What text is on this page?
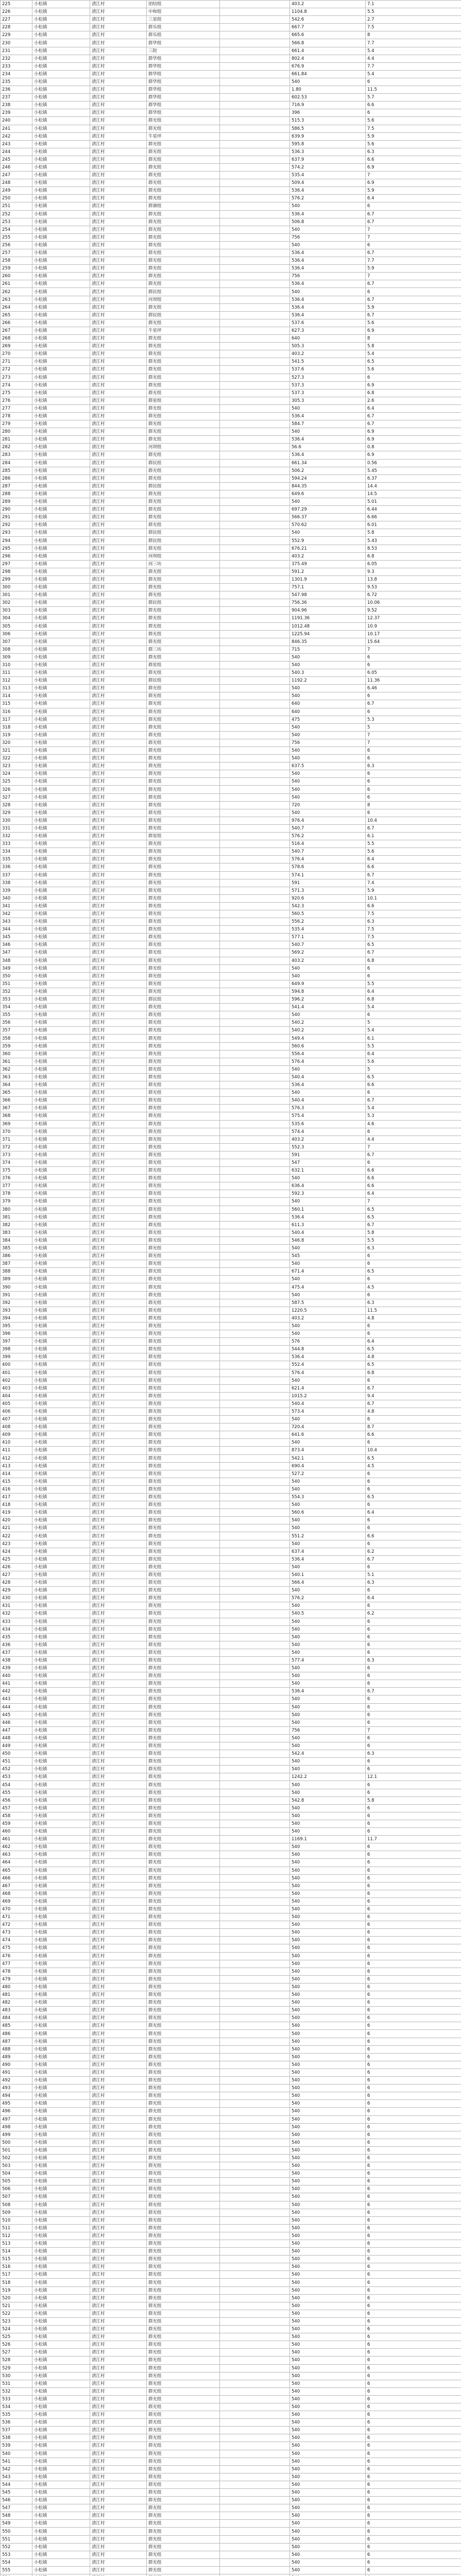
225	小松镇	清江村	团结组		403.2	7.1
226	小松镇	清江村	中和组		1104.8	5.5
227	小松镇	清江村	三星组		542.6	2.7
228	小松镇	清江村	群乐组		667.7	7.5
229	小松镇	清江村	群乐组		665.6	8
230	小松镇	清江村	群华组		566.8	7.7
231	小松镇	清江村	三院		661.4	5.4
232	小松镇	清江村	群华组		802.4	4.4
233	小松镇	清江村	群华组		676.9	7.7
234	小松镇	清江村	群华组		661.84	5.4
235	小松镇	清江村	群华组		540	6
236	小松镇	清江村	群华组		1.80	11.5
237	小松镇	清江村	群华组		602.53	5.7
238	小松镇	清江村	群华组		716.9	6.6
239	小松镇	清江村	群华组		396	6
240	小松镇	清江村	群光组		515.3	5.6
241	小松镇	清江村	群光组		586.5	7.5
242	小松镇	清江村	牛星坪		639.9	5.9
243	小松镇	清江村	群光组		595.8	5.6
244	小松镇	清江村	群光组		536.3	6.3
245	小松镇	清江村	群光组		637.9	6.6
246	小松镇	清江村	群光组		574.2	6.9
247	小松镇	清江村	群光组		535.4	7
248	小松镇	清江村	群光组		509.4	6.9
249	小松镇	清江村	群光组		536.4	5.9
250	小松镇	清江村	群光组		576.2	6.4
251	小松镇	清江村	群旗组		540	6
252	小松镇	清江村	群光组		536.4	6.7
253	小松镇	清江村	群光组		506.8	6.7
254	小松镇	清江村	群光组		540	7
255	小松镇	清江村	群光组		756	7
256	小松镇	清江村	群光组		540	6
257	小松镇	清江村	群光组		536.4	6.7
258	小松镇	清江村	群光组		536.4	7.7
259	小松镇	清江村	群光组		536.4	5.9
260	小松镇	清江村	群光组		756	7
261	小松镇	清江村	群光组		536.4	6.7
262	小松镇	清江村	群民组		540	6
263	小松镇	清江村	河坝组		536.4	6.7
264	小松镇	清江村	群光组		536.4	5.9
265	小松镇	清江村	群民组		536.4	6.7
266	小松镇	清江村	群光组		537.6	5.6
267	小松镇	清江村	牛星坪		627.3	6.9
268	小松镇	清江村	群光组		640	8
269	小松镇	清江村	群光组		505.3	5.8
270	小松镇	清江村	群光组		403.2	5.4
271	小松镇	清江村	群光组		541.5	6.5
272	小松镇	清江村	群光组		537.6	5.6
273	小松镇	清江村	群光组		527.3	6
274	小松镇	清江村	群光组		537.3	6.9
275	小松镇	清江村	群光组		537.3	6.8
276	小松镇	清江村	群星组		305.3	2.6
277	小松镇	清江村	群光组		540	6.4
278	小松镇	清江村	群光组		536.4	6.7
279	小松镇	清江村	群光组		584.7	6.7
280	小松镇	清江村	群光组		540	6.9
281	小松镇	清江村	群光组		536.4	6.9
282	小松镇	清江村	河坝组		56.6	0.8
283	小松镇	清江村	群光组		536.4	6.9
284	小松镇	清江村	群民组		661.34	0.56
285	小松镇	清江村	群光组		506.2	5.45
286	小松镇	清江村	群光组		594.24	6.37
287	小松镇	清江村	群民组		844.35	14.4
288	小松镇	清江村	群光组		649.6	14.5
289	小松镇	清江村	群光组		540	5.01
290	小松镇	清江村	群光组		697.29	6.44
291	小松镇	清江村	群光组		566.37	6.66
292	小松镇	清江村	群光组		570.62	6.01
293	小松镇	清江村	群民组		540	5.8
294	小松镇	清江村	群民组		552.9	5.43
295	小松镇	清江村	群光组		676.21	8.53
296	小松镇	清江村	河坝组		403.2	6.8
297	小松镇	清江村	河三坊		375.49	6.05
298	小松镇	清江村	群光组		591.2	9.3
299	小松镇	清江村	群光组		1301.9	13.8
300	小松镇	清江村	群光组		757.1	9.53
301	小松镇	清江村	群光组		547.98	6.72
302	小松镇	清江村	群民组		756.36	10.06
303	小松镇	清江村	群光组		904.96	9.52
304	小松镇	清江村	群光组		1191.36	12.37
305	小松镇	清江村	群光组		1012.48	10.9
306	小松镇	清江村	群光组		1225.94	10.17
307	小松镇	清江村	群光组		846.35	15.64
308	小松镇	清江村	群三坊		715	7
309	小松镇	清江村	群光组		540	6
310	小松镇	清江村	群星组		540	6
311	小松镇	清江村	群光组		540.3	6.05
312	小松镇	清江村	群民组		1192.2	11.36
313	小松镇	清江村	群光组		540	6.46
314	小松镇	清江村	群光组		540	6
315	小松镇	清江村	群光组		640	6.7
316	小松镇	清江村	群光组		640	6
317	小松镇	清江村	群光组		475	5.3
318	小松镇	清江村	群光组		540	5
319	小松镇	清江村	群光组		540	7
320	小松镇	清江村	群光组		756	7
321	小松镇	清江村	群光组		540	6
322	小松镇	清江村	群光组		540	6
323	小松镇	清江村	群光组		637.5	6.3
324	小松镇	清江村	群光组		540	6
325	小松镇	清江村	群光组		540	6
326	小松镇	清江村	群光组		540	6
327	小松镇	清江村	群光组		540	6
328	小松镇	清江村	群光组		720	8
329	小松镇	清江村	群光组		540	6
330	小松镇	清江村	群光组		976.4	10.4
331	小松镇	清江村	群光组		540.7	6.7
332	小松镇	清江村	群星组		576.2	6.1
333	小松镇	清江村	群光组		516.4	5.5
334	小松镇	清江村	群光组		540.7	5.6
335	小松镇	清江村	群光组		576.4	6.4
336	小松镇	清江村	群光组		578.6	6.6
337	小松镇	清江村	群光组		574.1	6.7
338	小松镇	清江村	群光组		591	7.4
339	小松镇	清江村	群光组		571.3	5.9
340	小松镇	清江村	群光组		920.6	10.1
341	小松镇	清江村	群光组		542.3	6.6
342	小松镇	清江村	群光组		560.5	7.5
343	小松镇	清江村	群光组		556.2	6.3
344	小松镇	清江村	群光组		535.4	7.5
345	小松镇	清江村	群光组		577.1	7.5
346	小松镇	清江村	群光组		540.7	6.5
347	小松镇	清江村	群光组		569.2	6.7
348	小松镇	清江村	群光组		403.2	6.8
349	小松镇	清江村	群光组		540	6
350	小松镇	清江村	群光组		540	6
351	小松镇	清江村	群光组		649.9	5.5
352	小松镇	清江村	群光组		594.8	6.4
353	小松镇	清江村	群民组		596.2	6.8
354	小松镇	清江村	群光组		541.4	5.4
355	小松镇	清江村	群光组		540	6
356	小松镇	清江村	群光组		540.2	5
357	小松镇	清江村	群光组		540.2	5.4
358	小松镇	清江村	群光组		549.4	6.1
359	小松镇	清江村	群光组		560.6	5.5
360	小松镇	清江村	群光组		556.4	6.4
361	小松镇	清江村	群光组		576.4	5.6
362	小松镇	清江村	群光组		540	5
363	小松镇	清江村	群光组		540.4	6.5
364	小松镇	清江村	群光组		536.4	6.6
365	小松镇	清江村	群光组		540	6
366	小松镇	清江村	群光组		540.4	6.7
367	小松镇	清江村	群光组		576.3	5.4
368	小松镇	清江村	群光组		575.4	5.3
369	小松镇	清江村	群光组		535.6	4.6
370	小松镇	清江村	群光组		574.4	6
371	小松镇	清江村	群光组		403.2	4.4
372	小松镇	清江村	群光组		552.3	7
373	小松镇	清江村	群光组		591	6.7
374	小松镇	清江村	群光组		547	6
375	小松镇	清江村	群光组		632.1	6.6
376	小松镇	清江村	群光组		540	6.6
377	小松镇	清江村	群光组		636.4	6.6
378	小松镇	清江村	群光组		592.3	6.4
379	小松镇	清江村	群光组		540	7
380	小松镇	清江村	群光组		560.1	6.5
381	小松镇	清江村	群光组		536.4	6.5
382	小松镇	清江村	群光组		611.3	6.7
383	小松镇	清江村	群光组		540.4	5.8
384	小松镇	清江村	群光组		546.8	5.5
385	小松镇	清江村	群光组		540	6.3
386	小松镇	清江村	群光组		545	6
387	小松镇	清江村	群光组		540	6
388	小松镇	清江村	群光组		671.4	6.5
389	小松镇	清江村	群光组		540	6
390	小松镇	清江村	群光组		475.4	4.5
391	小松镇	清江村	群光组		540	6
392	小松镇	清江村	群光组		587.5	6.3
393	小松镇	清江村	群光组		1220.5	11.5
394	小松镇	清江村	群光组		403.2	4.8
395	小松镇	清江村	群光组		540	6
396	小松镇	清江村	群光组		540	6
397	小松镇	清江村	群光组		576	6.4
398	小松镇	清江村	群光组		544.8	6.5
399	小松镇	清江村	群光组		536.4	4.8
400	小松镇	清江村	群光组		552.4	6.5
401	小松镇	清江村	群光组		576.4	6.8
402	小松镇	清江村	群光组		540	6
403	小松镇	清江村	群光组		621.4	6.7
404	小松镇	清江村	群光组		1015.2	9.4
405	小松镇	清江村	群光组		540.4	6.7
406	小松镇	清江村	群光组		573.4	4.8
407	小松镇	清江村	群光组		540	6
408	小松镇	清江村	群光组		720.4	8.7
409	小松镇	清江村	群光组		641.6	6.6
410	小松镇	清江村	群光组		540	6
411	小松镇	清江村	群光组		873.4	10.4
412	小松镇	清江村	群光组		542.1	6.5
413	小松镇	清江村	群光组		690.4	4.5
414	小松镇	清江村	群光组		527.2	6
415	小松镇	清江村	群光组		540	6
416	小松镇	清江村	群光组		540	6
417	小松镇	清江村	群光组		554.3	6.5
418	小松镇	清江村	群光组		540	6
419	小松镇	清江村	群光组		560.6	6.4
420	小松镇	清江村	群光组		540	6
421	小松镇	清江村	群光组		540	6
422	小松镇	清江村	群光组		551.2	6.6
423	小松镇	清江村	群光组		540	6
424	小松镇	清江村	群光组		637.4	6.2
425	小松镇	清江村	群光组		536.4	6.7
426	小松镇	清江村	群光组		540	6
427	小松镇	清江村	群光组		540.1	5.1
428	小松镇	清江村	群光组		566.4	6.3
429	小松镇	清江村	群光组		540	6
430	小松镇	清江村	群光组		576.2	6.4
431	小松镇	清江村	群光组		540	6
432	小松镇	清江村	群光组		540.5	6.2
433	小松镇	清江村	群光组		540	6
434	小松镇	清江村	群光组		540	6
435	小松镇	清江村	群光组		540	6
436	小松镇	清江村	群光组		540	6
437	小松镇	清江村	群光组		540	6
438	小松镇	清江村	群光组		577.4	6.3
439	小松镇	清江村	群光组		540	6
440	小松镇	清江村	群光组		540	6
441	小松镇	清江村	群光组		540	6
442	小松镇	清江村	群光组		536.4	6.7
443	小松镇	清江村	群光组		540	6
444	小松镇	清江村	群光组		540	6
445	小松镇	清江村	群光组		540	6
446	小松镇	清江村	群光组		540	6
447	小松镇	清江村	群光组		756	7
448	小松镇	清江村	群光组		540	6
449	小松镇	清江村	群光组		540	6
450	小松镇	清江村	群光组		542.4	6.3
451	小松镇	清江村	群光组		540	6
452	小松镇	清江村	群光组		540	6
453	小松镇	清江村	群光组		1242.2	12.1
454	小松镇	清江村	群光组		540	6
455	小松镇	清江村	群光组		540	6
456	小松镇	清江村	群光组		542.8	5.8
457	小松镇	清江村	群光组		540	6
458	小松镇	清江村	群光组		540	6
459	小松镇	清江村	群光组		540	6
460	小松镇	清江村	群光组		540	6
461	小松镇	清江村	群光组		1169.1	11.7
462	小松镇	清江村	群光组		540	6
463	小松镇	清江村	群光组		540	6
464	小松镇	清江村	群光组		540	6
465	小松镇	清江村	群光组		540	6
466	小松镇	清江村	群光组		540	6
467	小松镇	清江村	群光组		540	6
468	小松镇	清江村	群光组		540	6
469	小松镇	清江村	群光组		540	6
470	小松镇	清江村	群光组		540	6
471	小松镇	清江村	群光组		540	6
472	小松镇	清江村	群光组		540	6
473	小松镇	清江村	群光组		540	6
474	小松镇	清江村	群光组		540	6
475	小松镇	清江村	群光组		540	6
476	小松镇	清江村	群光组		540	6
477	小松镇	清江村	群光组		540	6
478	小松镇	清江村	群光组		540	6
479	小松镇	清江村	群光组		540	6
480	小松镇	清江村	群光组		540	6
481	小松镇	清江村	群光组		540	6
482	小松镇	清江村	群光组		540	6
483	小松镇	清江村	群光组		540	6
484	小松镇	清江村	群光组		540	6
485	小松镇	清江村	群光组		540	6
486	小松镇	清江村	群光组		540	6
487	小松镇	清江村	群光组		540	6
488	小松镇	清江村	群光组		540	6
489	小松镇	清江村	群光组		540	6
490	小松镇	清江村	群光组		540	6
491	小松镇	清江村	群光组		540	6
492	小松镇	清江村	群光组		540	6
493	小松镇	清江村	群光组		540	6
494	小松镇	清江村	群光组		540	6
495	小松镇	清江村	群光组		540	6
496	小松镇	清江村	群光组		540	6
497	小松镇	清江村	群光组		540	6
498	小松镇	清江村	群光组		540	6
499	小松镇	清江村	群光组		540	6
500	小松镇	清江村	群光组		540	6
501	小松镇	清江村	群光组		540	6
502	小松镇	清江村	群光组		540	6
503	小松镇	清江村	群光组		540	6
504	小松镇	清江村	群光组		540	6
505	小松镇	清江村	群光组		540	6
506	小松镇	清江村	群光组		540	6
507	小松镇	清江村	群光组		540	6
508	小松镇	清江村	群光组		540	6
509	小松镇	清江村	群光组		540	6
510	小松镇	清江村	群光组		540	6
511	小松镇	清江村	群光组		540	6
512	小松镇	清江村	群光组		540	6
513	小松镇	清江村	群光组		540	6
514	小松镇	清江村	群光组		540	6
515	小松镇	清江村	群光组		540	6
516	小松镇	清江村	群光组		540	6
517	小松镇	清江村	群光组		540	6
518	小松镇	清江村	群光组		540	6
519	小松镇	清江村	群光组		540	6
520	小松镇	清江村	群光组		540	6
521	小松镇	清江村	群光组		540	6
522	小松镇	清江村	群光组		540	6
523	小松镇	清江村	群光组		540	6
524	小松镇	清江村	群光组		540	6
525	小松镇	清江村	群光组		540	6
526	小松镇	清江村	群光组		540	6
527	小松镇	清江村	群光组		540	6
528	小松镇	清江村	群光组		540	6
529	小松镇	清江村	群光组		540	6
530	小松镇	清江村	群光组		540	6
531	小松镇	清江村	群光组		540	6
532	小松镇	清江村	群光组		540	6
533	小松镇	清江村	群光组		540	6
534	小松镇	清江村	群光组		540	6
535	小松镇	清江村	群光组		540	6
536	小松镇	清江村	群光组		540	6
537	小松镇	清江村	群光组		540	6
538	小松镇	清江村	群光组		540	6
539	小松镇	清江村	群光组		540	6
540	小松镇	清江村	群光组		540	6
541	小松镇	清江村	群光组		540	6
542	小松镇	清江村	群光组		540	6
543	小松镇	清江村	群光组		540	6
544	小松镇	清江村	群光组		540	6
545	小松镇	清江村	群光组		540	6
546	小松镇	清江村	群光组		540	6
547	小松镇	清江村	群光组		540	6
548	小松镇	清江村	群光组		540	6
549	小松镇	清江村	群光组		540	6
550	小松镇	清江村	群光组		540	6
551	小松镇	清江村	群光组		540	6
552	小松镇	清江村	群光组		540	6
553	小松镇	清江村	群光组		540	6
554	小松镇	清江村	群光组		540	6
555	小松镇	清江村	群光组		540	6
